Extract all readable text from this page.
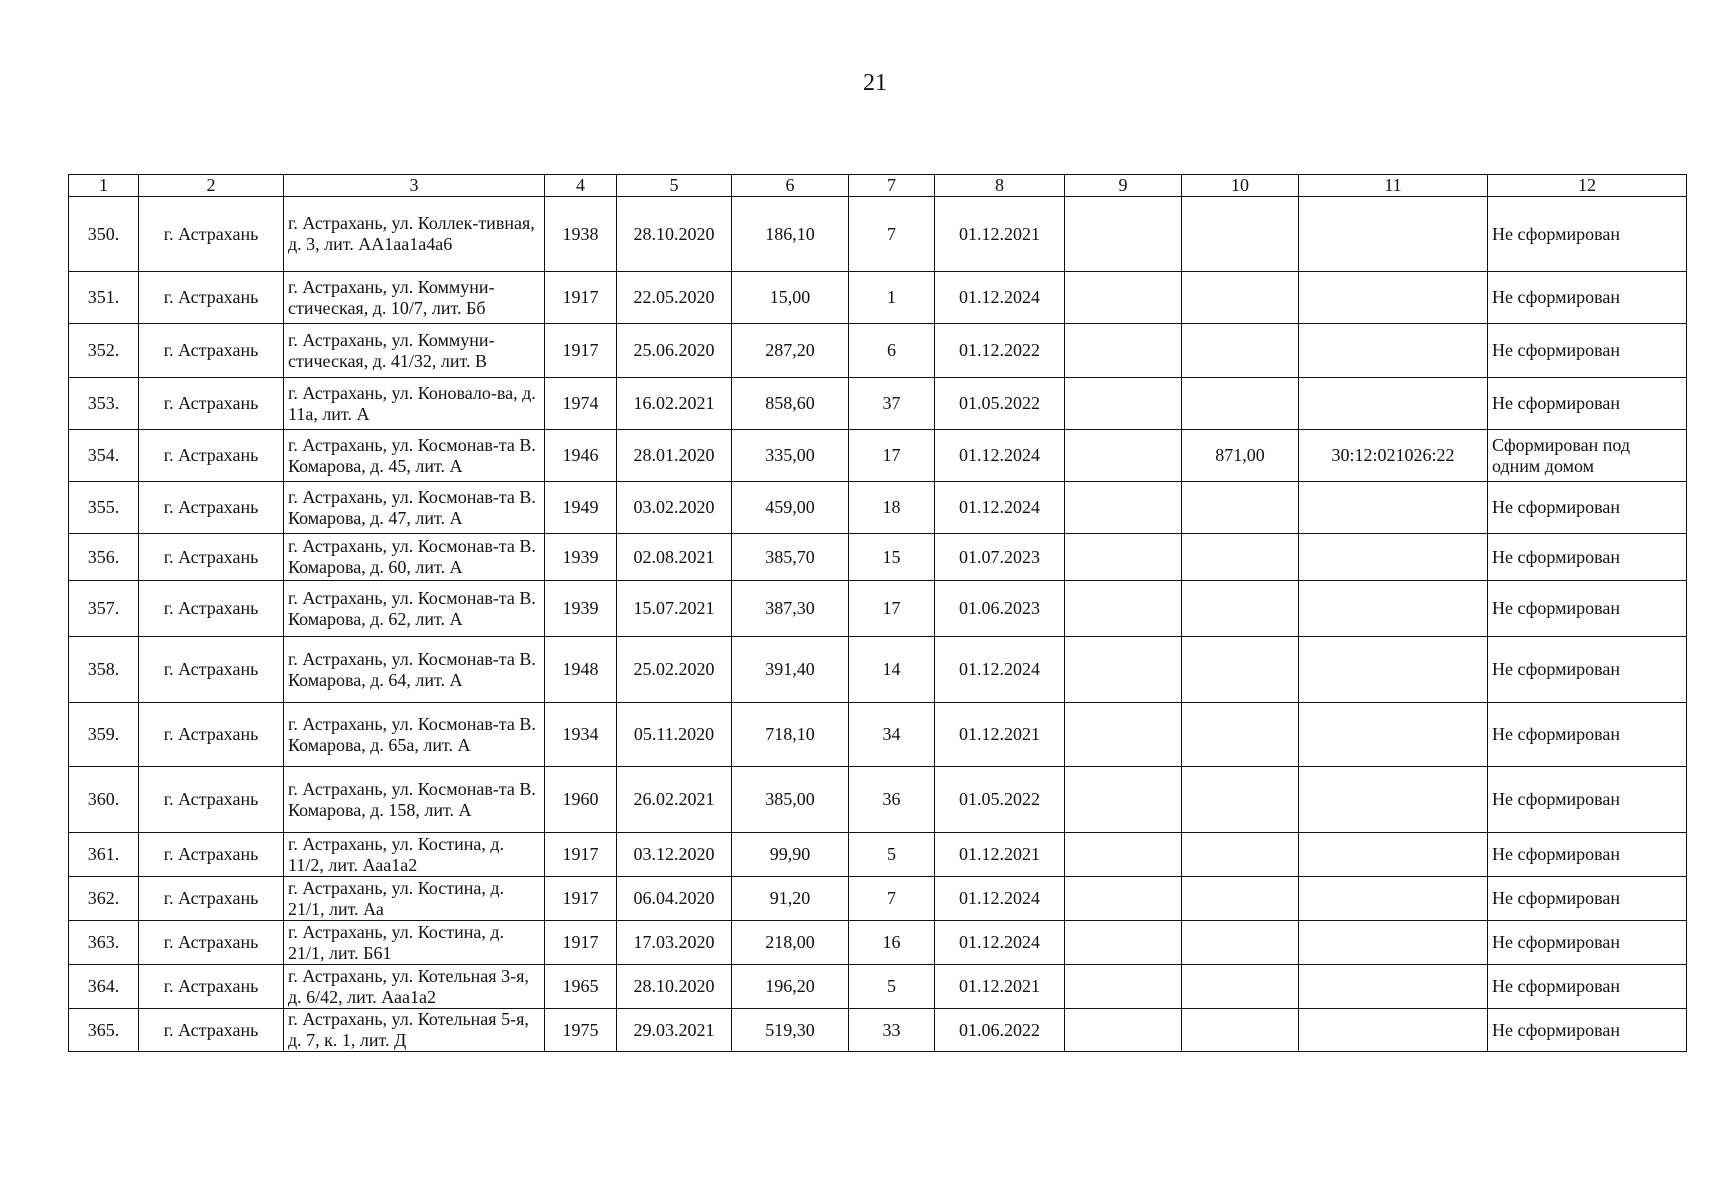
21
1	2	3	4	5	6	7	8	9	10	11	12
350.	г. Астрахань	г. Астрахань, ул. Коллек-тивная, д. 3, лит. АА1аа1а4а6	1938	28.10.2020	186,10	7	01.12.2021				Не сформирован
351.	г. Астрахань	г. Астрахань, ул. Коммуни-стическая, д. 10/7, лит. Бб	1917	22.05.2020	15,00	1	01.12.2024				Не сформирован
352.	г. Астрахань	г. Астрахань, ул. Коммуни-стическая, д. 41/32, лит. В	1917	25.06.2020	287,20	6	01.12.2022				Не сформирован
353.	г. Астрахань	г. Астрахань, ул. Коновало-ва, д. 11а, лит. А	1974	16.02.2021	858,60	37	01.05.2022				Не сформирован
354.	г. Астрахань	г. Астрахань, ул. Космонав-та В. Комарова, д. 45, лит. А	1946	28.01.2020	335,00	17	01.12.2024		871,00	30:12:021026:22	Сформирован под одним домом
355.	г. Астрахань	г. Астрахань, ул. Космонав-та В. Комарова, д. 47, лит. А	1949	03.02.2020	459,00	18	01.12.2024				Не сформирован
356.	г. Астрахань	г. Астрахань, ул. Космонав-та В. Комарова, д. 60, лит. А	1939	02.08.2021	385,70	15	01.07.2023				Не сформирован
357.	г. Астрахань	г. Астрахань, ул. Космонав-та В. Комарова, д. 62, лит. А	1939	15.07.2021	387,30	17	01.06.2023				Не сформирован
358.	г. Астрахань	г. Астрахань, ул. Космонав-та В. Комарова, д. 64, лит. А	1948	25.02.2020	391,40	14	01.12.2024				Не сформирован
359.	г. Астрахань	г. Астрахань, ул. Космонав-та В. Комарова, д. 65а, лит. А	1934	05.11.2020	718,10	34	01.12.2021				Не сформирован
360.	г. Астрахань	г. Астрахань, ул. Космонав-та В. Комарова, д. 158, лит. А	1960	26.02.2021	385,00	36	01.05.2022				Не сформирован
361.	г. Астрахань	г. Астрахань, ул. Костина, д. 11/2, лит. Ааа1а2	1917	03.12.2020	99,90	5	01.12.2021				Не сформирован
362.	г. Астрахань	г. Астрахань, ул. Костина, д. 21/1, лит. Аа	1917	06.04.2020	91,20	7	01.12.2024				Не сформирован
363.	г. Астрахань	г. Астрахань, ул. Костина, д. 21/1, лит. Б61	1917	17.03.2020	218,00	16	01.12.2024				Не сформирован
364.	г. Астрахань	г. Астрахань, ул. Котельная 3-я, д. 6/42, лит. Ааа1а2	1965	28.10.2020	196,20	5	01.12.2021				Не сформирован
365.	г. Астрахань	г. Астрахань, ул. Котельная 5-я, д. 7, к. 1, лит. Д	1975	29.03.2021	519,30	33	01.06.2022				Не сформирован
